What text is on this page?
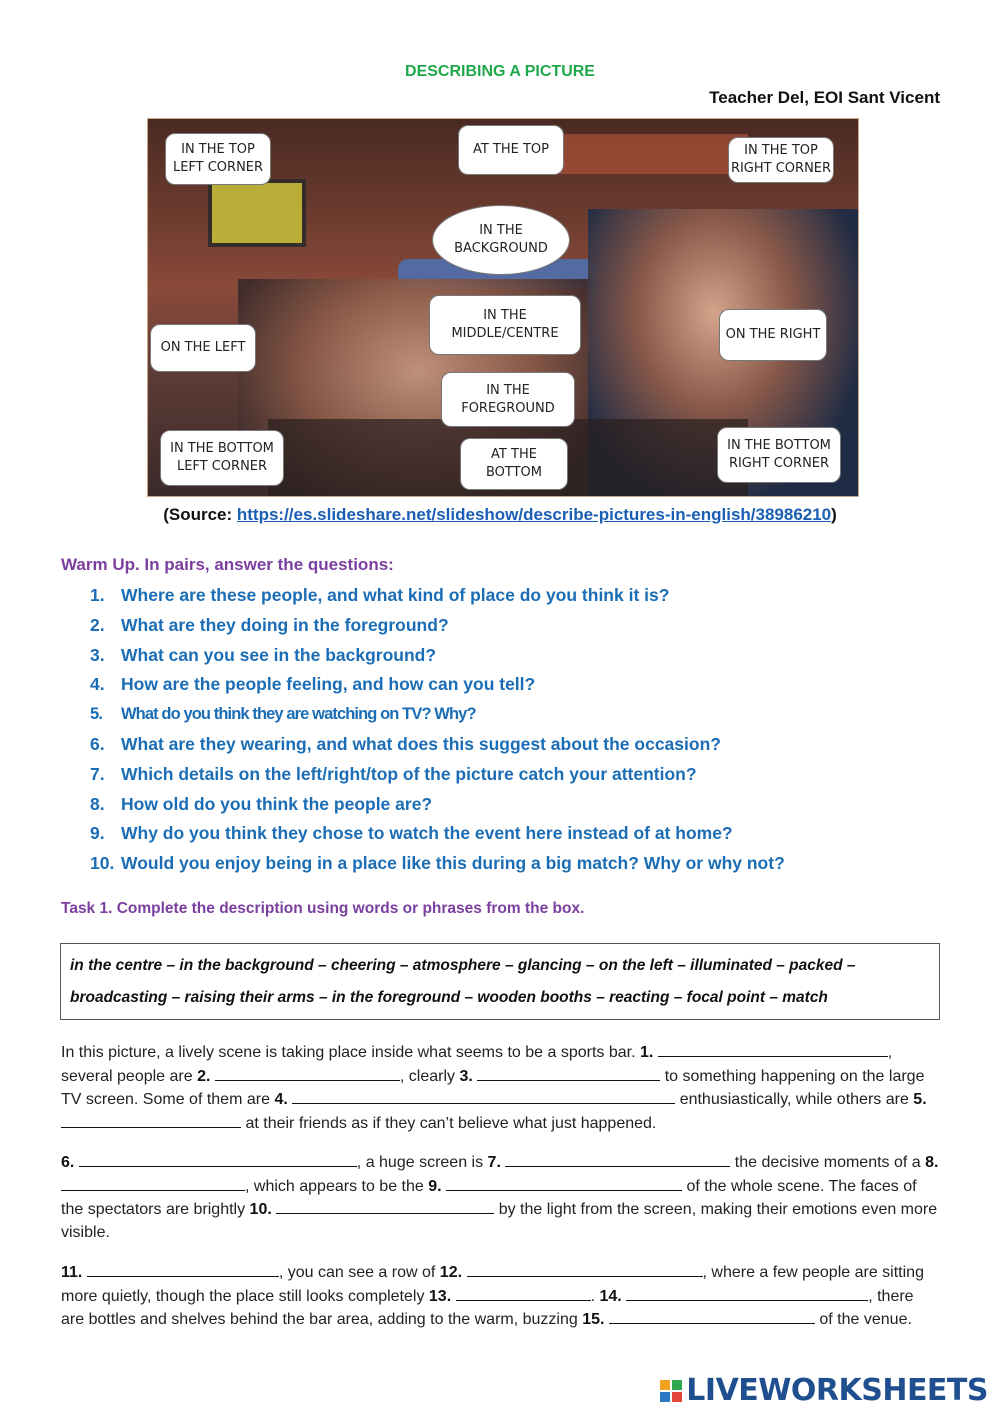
DESCRIBING A PICTURE
Teacher Del, EOI Sant Vicent
IN THE TOP LEFT CORNER
AT THE TOP	IN THE TOP RIGHT CORNER
IN THE BACKGROUND
IN THE MIDDLE/CENTRE
ON THE LEFT
ON THE RIGHT
IN THE FOREGROUND
IN THE BOTTOM LEFT CORNER
AT THE BOTTOM
IN THE BOTTOM RIGHT CORNER
(Source: https://es.slideshare.net/slideshow/describe-pictures-in-english/38986210)
Warm Up. In pairs, answer the questions:
1. Where are these people, and what kind of place do you think it is?
2. What are they doing in the foreground?
3. What can you see in the background?
4. How are the people feeling, and how can you tell?
5.	What do you think they are watching on TV? Why?
6. What are they wearing, and what does this suggest about the occasion?
7. Which details on the left/right/top of the picture catch your attention?
8. How old do you think the people are?
9. Why do you think they chose to watch the event here instead of at home?
10. Would you enjoy being in a place like this during a big match? Why or why not?
Task 1. Complete the description using words or phrases from the box.
in the centre – in the background – cheering – atmosphere – glancing – on the left – illuminated – packed –
broadcasting – raising their arms – in the foreground – wooden booths – reacting – focal point – match
In this picture, a lively scene is taking place inside what seems to be a sports bar. 1.	, several people are 2.	, clearly 3.	to something happening on the large TV screen. Some of them are 4.	enthusiastically, while others are 5.  at their friends as if they can’t believe what just happened.
6.	, a huge screen is 7.	the decisive moments of a 8. , which appears to be the 9.	of the whole scene. The faces of the spectators are brightly 10.	by the light from the screen, making their emotions even more visible.
11.	, you can see a row of 12.	, where a few people are sitting more quietly, though the place still looks completely 13.	. 14.	, there are bottles and shelves behind the bar area, adding to the warm, buzzing 15.	of the venue.
LIVEWORKSHEETS
